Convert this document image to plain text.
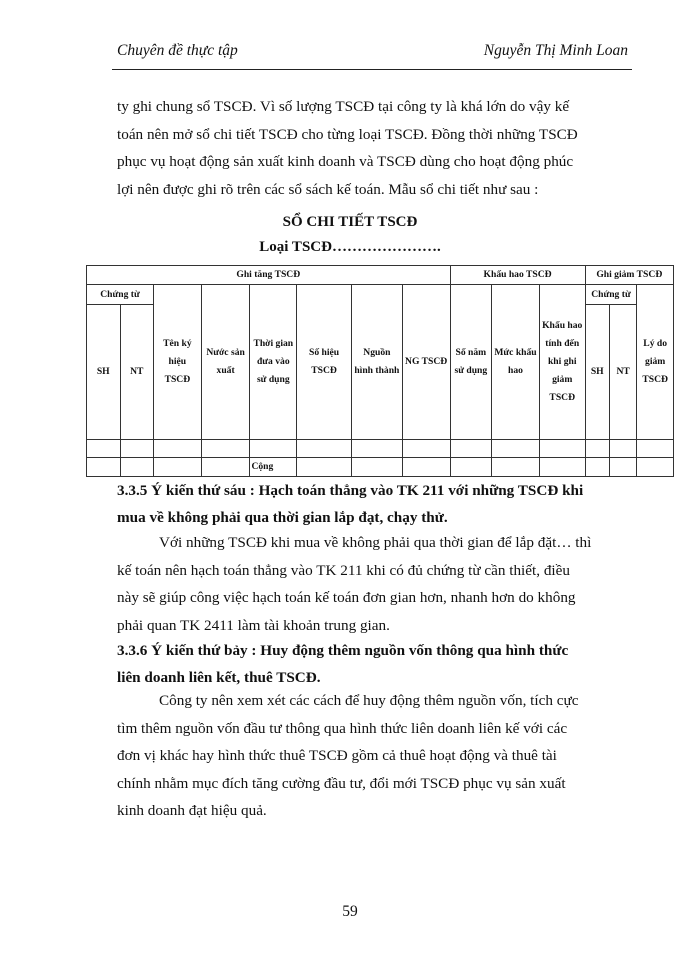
Chuyên đề thực tập	Nguyễn Thị Minh Loan

ty ghi chung sổ TSCĐ. Vì số lượng TSCĐ tại công ty là khá lớn do vậy kế
toán nên mở sổ chi tiết TSCĐ cho từng loại TSCĐ. Đồng thời những TSCĐ
phục vụ hoạt động sản xuất kinh doanh và TSCĐ dùng cho hoạt động phúc
lợi nên được ghi rõ trên các sổ sách kế toán. Mẫu sổ chi tiết như sau :

SỔ CHI TIẾT TSCĐ

Loại TSCĐ………………….

Ghi tăng TSCĐ								Khấu hao TSCĐ			Ghi giảm TSCĐ		
Chứng từ		Tên ký hiệu TSCĐ	Nước sản xuất	Thời gian đưa vào sử dụng	Số hiệu TSCĐ	Nguồn hình thành	NG TSCĐ	Số năm sử dụng	Mức khấu hao	Khấu hao tính đến khi ghi giảm TSCĐ	Chứng từ		Lý do giảm TSCĐ
SH	NT										SH	NT	

				Cộng									
3.3.5 Ý kiến thứ sáu : Hạch toán thẳng vào TK 211 với những TSCĐ khi
mua về không phải qua thời gian lắp đạt, chạy thử.

Với những TSCĐ khi mua về không phải qua thời gian để lắp đặt… thì
kế toán nên hạch toán thẳng vào TK 211 khi có đủ chứng từ cần thiết, điều
này sẽ giúp công việc hạch toán kế toán đơn gian hơn, nhanh hơn do không
phải quan TK 2411 làm tài khoản trung gian.

3.3.6 Ý kiến thứ bảy : Huy động thêm nguồn vốn thông qua hình thức
liên doanh liên kết, thuê TSCĐ.

Công ty nên xem xét các cách để huy động thêm nguồn vốn, tích cực
tìm thêm nguồn vốn đầu tư thông qua hình thức liên doanh liên kế với các
đơn vị khác hay hình thức thuê TSCĐ gồm cả thuê hoạt động và thuê tài
chính nhằm mục đích tăng cường đầu tư, đổi mới TSCĐ phục vụ sản xuất
kinh doanh đạt hiệu quả.

59
